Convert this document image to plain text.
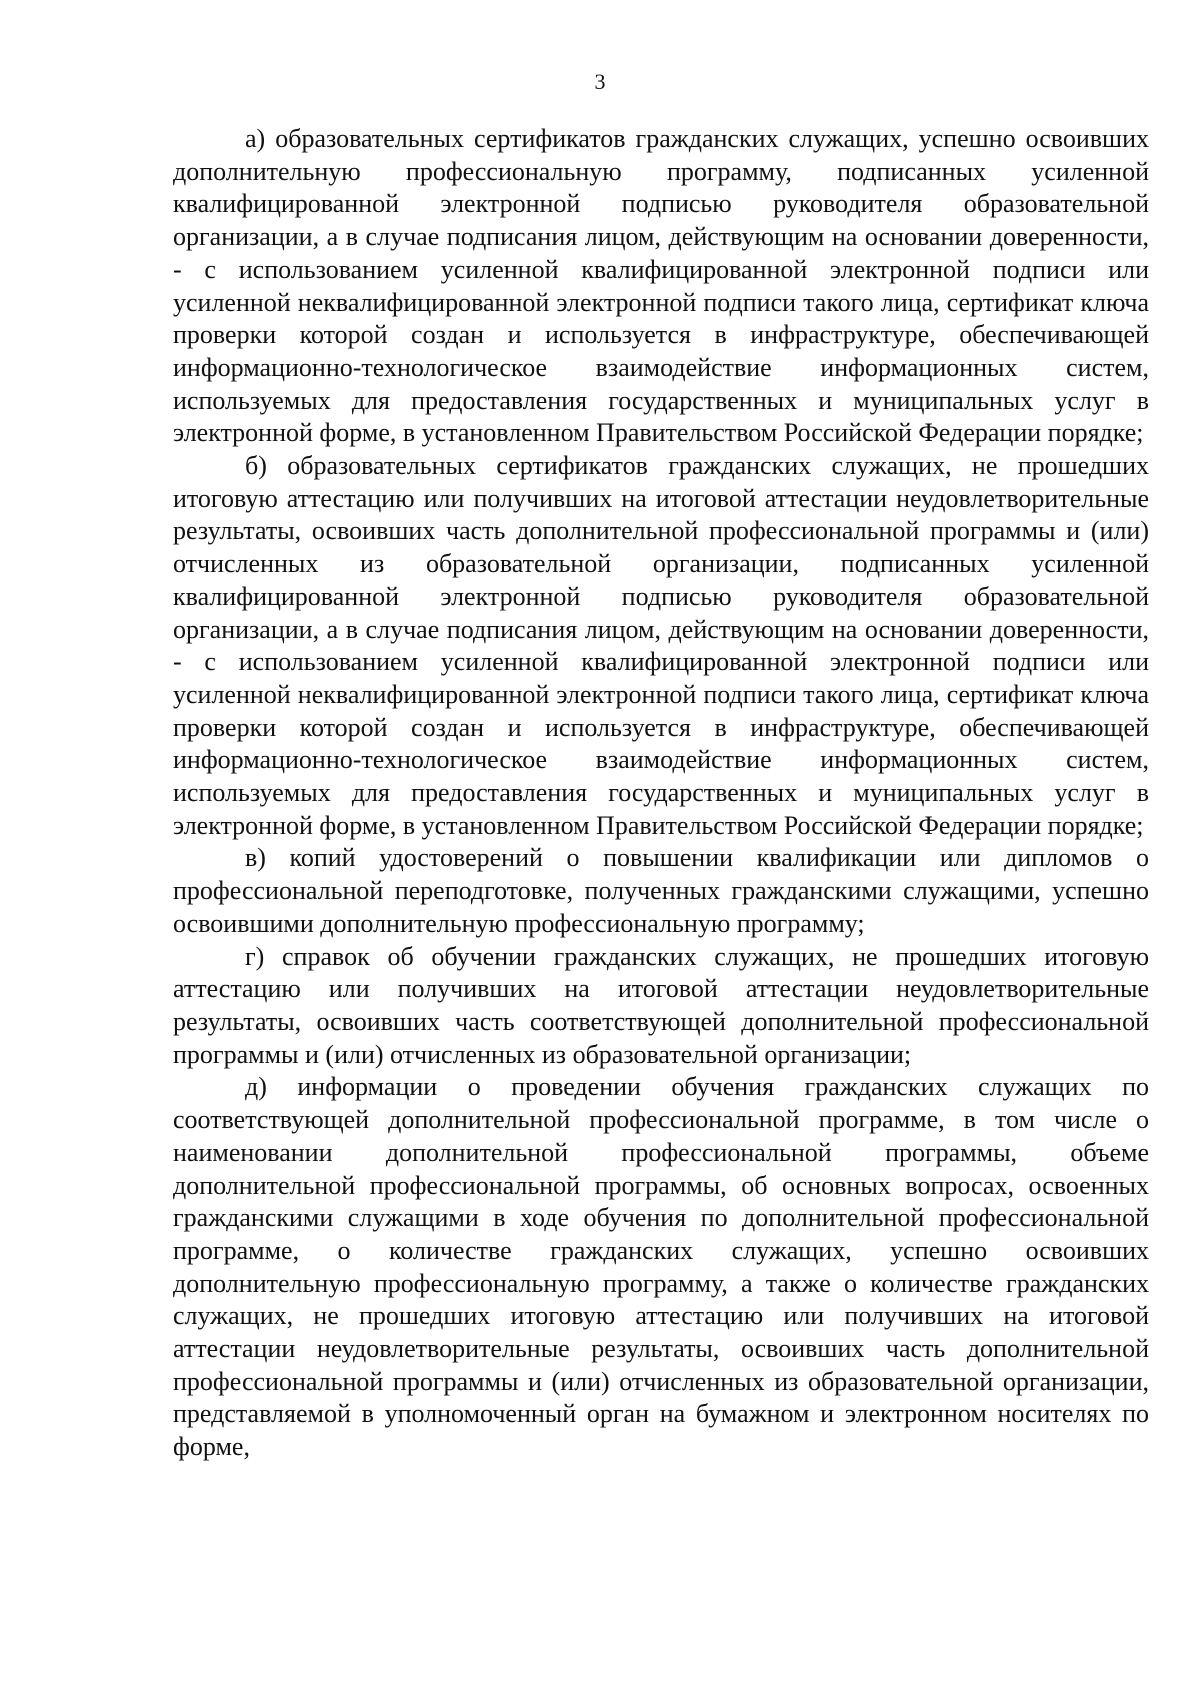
3

а) образовательных сертификатов гражданских служащих, успешно освоивших дополнительную профессиональную программу, подписанных усиленной квалифицированной электронной подписью руководителя образовательной организации, а в случае подписания лицом, действующим на основании доверенности, - с использованием усиленной квалифицированной электронной подписи или усиленной неквалифицированной электронной подписи такого лица, сертификат ключа проверки которой создан и используется в инфраструктуре, обеспечивающей информационно-технологическое взаимодействие информационных систем, используемых для предоставления государственных и муниципальных услуг в электронной форме, в установленном Правительством Российской Федерации порядке;

б) образовательных сертификатов гражданских служащих, не прошедших итоговую аттестацию или получивших на итоговой аттестации неудовлетворительные результаты, освоивших часть дополнительной профессиональной программы и (или) отчисленных из образовательной организации, подписанных усиленной квалифицированной электронной подписью руководителя образовательной организации, а в случае подписания лицом, действующим на основании доверенности, - с использованием усиленной квалифицированной электронной подписи или усиленной неквалифицированной электронной подписи такого лица, сертификат ключа проверки которой создан и используется в инфраструктуре, обеспечивающей информационно-технологическое взаимодействие информационных систем, используемых для предоставления государственных и муниципальных услуг в электронной форме, в установленном Правительством Российской Федерации порядке;

в) копий удостоверений о повышении квалификации или дипломов о профессиональной переподготовке, полученных гражданскими служащими, успешно освоившими дополнительную профессиональную программу;

г) справок об обучении гражданских служащих, не прошедших итоговую аттестацию или получивших на итоговой аттестации неудовлетворительные результаты, освоивших часть соответствующей дополнительной профессиональной программы и (или) отчисленных из образовательной организации;

д) информации о проведении обучения гражданских служащих по соответствующей дополнительной профессиональной программе, в том числе о наименовании дополнительной профессиональной программы, объеме дополнительной профессиональной программы, об основных вопросах, освоенных гражданскими служащими в ходе обучения по дополнительной профессиональной программе, о количестве гражданских служащих, успешно освоивших дополнительную профессиональную программу, а также о количестве гражданских служащих, не прошедших итоговую аттестацию или получивших на итоговой аттестации неудовлетворительные результаты, освоивших часть дополнительной профессиональной программы и (или) отчисленных из образовательной организации, представляемой в уполномоченный орган на бумажном и электронном носителях по форме,
